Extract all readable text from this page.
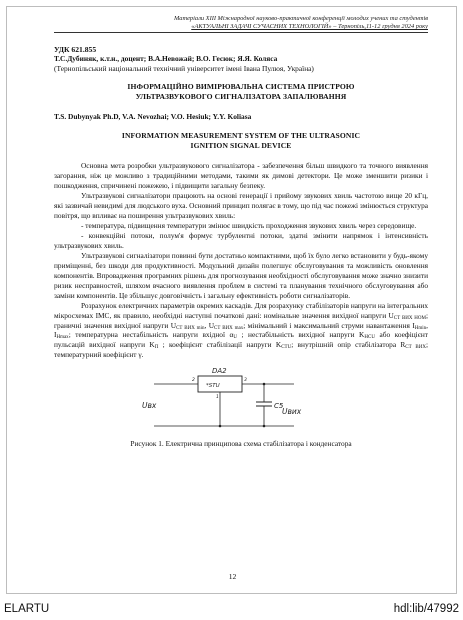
Матеріали XIII Міжнародної науково-практичної конференції молодих учених та студентів
«АКТУАЛЬНІ ЗАДАЧІ СУЧАСНИХ ТЕХНОЛОГІЙ» – Тернопіль,11-12 грудня 2024 року
УДК 621.855
Т.С.Дубиняк, к.т.н., доцент; В.А.Невожай; В.О. Гесюк; Я.Я. Коляса
(Тернопільський національний технічний університет імені Івана Пулюя, Україна)
ІНФОРМАЦІЙНО ВИМІРЮВАЛЬНА СИСТЕМА ПРИСТРОЮ
УЛЬТРАЗВУКОВОГО СИГНАЛІЗАТОРА ЗАПАЛЮВАННЯ
T.S. Dubynyak Ph.D, V.A. Nevozhai; V.O. Hesiuk; Y.Y. Koliasa
INFORMATION MEASUREMENT SYSTEM OF THE ULTRASONIC
IGNITION SIGNAL DEVICE

Основна мета розробки ультразвукового сигналізатора - забезпечення більш швидкого та точного виявлення загорання, ніж це можливо з традиційними методами, такими як димові детектори. Це може зменшити ризики і пошкодження, спричинені пожежею, і підвищити загальну безпеку.

Ультразвукові сигналізатори працюють на основі генерації і прийому звукових хвиль частотою вище 20 кГц, які зазвичай невидимі для людського вуха. Основний принцип полягає в тому, що під час пожежі змінюється структура повітря, що впливає на поширення ультразвукових хвиль:

- температура, підвищення температури змінює швидкість проходження звукових хвиль через середовище.

- конвекційні потоки, полум'я формує турбулентні потоки, здатні змінити напрямок і інтенсивність ультразвукових хвиль.

Ультразвукові сигналізатори повинні бути достатньо компактними, щоб їх було легко встановити у будь-якому приміщенні, без шкоди для продуктивності. Модульний дизайн полегшує обслуговування та можливість оновлення компонентів. Впровадження програмних рішень для прогнозування необхідності обслуговування може значно знизити ризик несправностей, шляхом вчасного виявлення проблем в системі та планування технічного обслуговування або заміни компонентів. Це збільшує довговічність і загальну ефективність роботи сигналізаторів.

Розрахунок електричних параметрів окремих каскадів. Для розрахунку стабілізаторів напруги на інтегральних мікросхемах ІМС, як правило, необхідні наступні початкові дані: номінальне значення вихідної напруги $U_{СТ ВИХ НОМ}$; граничні значення вихідної напруги $U_{СТ ВИХ min}$, $U_{СТ ВИХ max}$; мінімальний і максимальний струми навантаження $I_{Hmin}$, $I_{Hmax}$; температурна нестабільність напруги вхідної $\alpha_U$ ; нестабільність вихідної напруги $K_{НСU}$ або коефіцієнт пульсацій вихідної напруги $K_П$ ; коефіцієнт стабілізації напруги $K_{СТU}$; внутрішній опір стабілізатора $R_{СТ ВИХ}$; температурний коефіцієнт γ.

DA2
*STU
2	3
1
C5
Uвх
Uвих
Рисунок 1. Електрична принципова схема стабілізатора і конденсатора
12
ELARTU	hdl:lib/47992
